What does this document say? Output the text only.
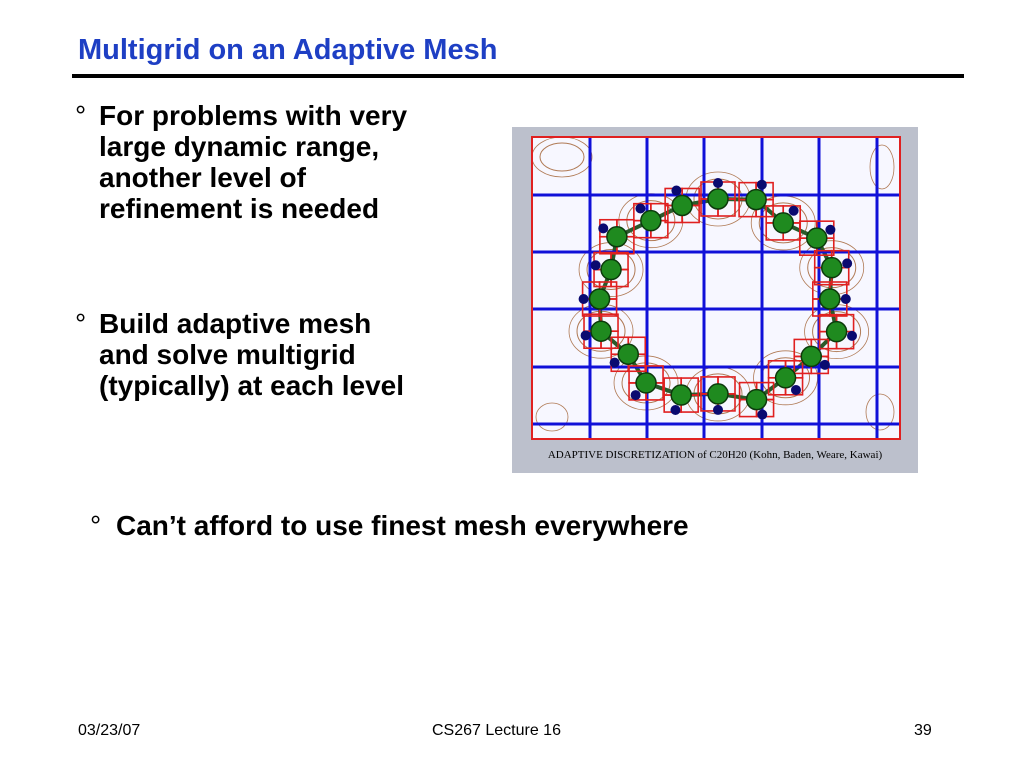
Multigrid on an Adaptive Mesh
° For problems with very
large dynamic range,
another level of
refinement is needed
° Build adaptive mesh
and solve multigrid
(typically) at each level
° Can’t afford to use finest mesh everywhere
ADAPTIVE DISCRETIZATION of C20H20 (Kohn, Baden, Weare, Kawai)
03/23/07	CS267 Lecture 16	39
